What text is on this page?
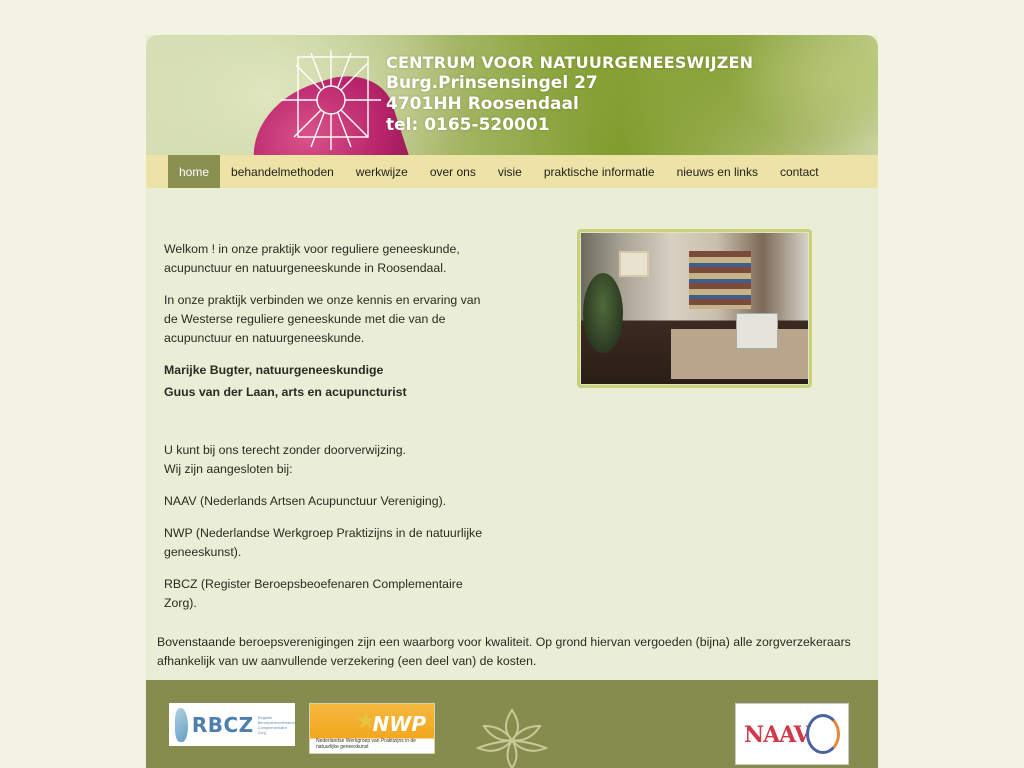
CENTRUM VOOR NATUURGENEESWIJZEN
Burg.Prinsensingel 27
4701HH Roosendaal
tel: 0165-520001
home	behandelmethoden	werkwijze	over ons	visie	praktische informatie	nieuws en links	contact

Welkom ! in onze praktijk voor reguliere geneeskunde, acupunctuur en natuurgeneeskunde in Roosendaal.

In onze praktijk verbinden we onze kennis en ervaring van de Westerse reguliere geneeskunde met die van de acupunctuur en natuurgeneeskunde.

Marijke Bugter, natuurgeneeskundige

Guus van der Laan, arts en acupuncturist

U kunt bij ons terecht zonder doorverwijzing.

Wij zijn aangesloten bij:

NAAV (Nederlands Artsen Acupunctuur Vereniging).

NWP (Nederlandse Werkgroep Praktizijns in de natuurlijke geneeskunst).

RBCZ (Register Beroepsbeoefenaren Complementaire Zorg).

Bovenstaande beroepsverenigingen zijn een waarborg voor kwaliteit. Op grond hiervan vergoeden (bijna) alle zorgverzekeraars afhankelijk van uw aanvullende verzekering (een deel van) de kosten.

RBCZ Register Beroepsbeoefenaren Complementaire Zorg	★
NWP
Nederlandse Werkgroep van Praktizijns in de natuurlijke geneeskunst	NAAV
